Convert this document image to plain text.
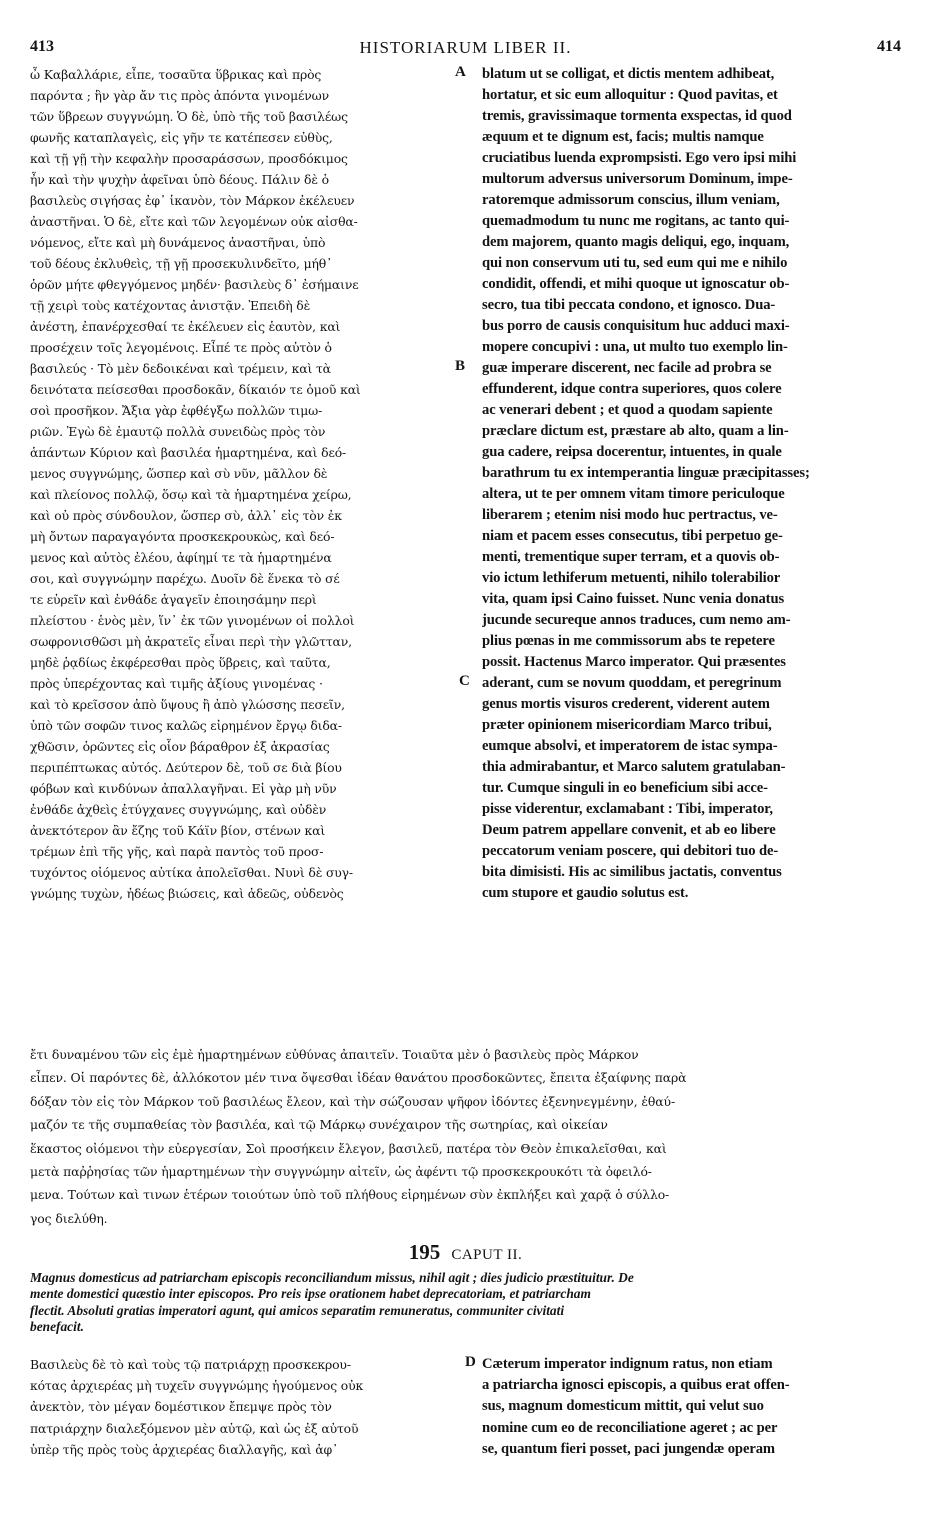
413	HISTORIARUM LIBER II.	414
ὦ Καβαλλάριε, εἶπε, τοσαῦτα ὕβρικας καὶ πρὸς
παρόντα ; ἣν γὰρ ἄν τις πρὸς ἀπόντα γινομένων
τῶν ὕβρεων συγγνώμη. Ὁ δὲ, ὑπὸ τῆς τοῦ βασιλέως
φωνῆς καταπλαγεὶς, εἰς γῆν τε κατέπεσεν εὐθὺς,
καὶ τῇ γῇ τὴν κεφαλὴν προσαράσσων, προσδόκιμος
ἦν καὶ τὴν ψυχὴν ἀφεῖναι ὑπὸ δέους. Πάλιν δὲ ὁ
βασιλεὺς σιγήσας ἐφ᾽ ἱκανὸν, τὸν Μάρκον ἐκέλευεν
ἀναστῆναι. Ὁ δὲ, εἴτε καὶ τῶν λεγομένων οὐκ αἰσθα-
νόμενος, εἴτε καὶ μὴ δυνάμενος ἀναστῆναι, ὑπὸ
τοῦ δέους ἐκλυθεὶς, τῇ γῇ προσεκυλινδεῖτο, μήθ᾽
ὁρῶν μήτε φθεγγόμενος μηδέν· βασιλεὺς δ᾽ ἐσήμαινε
τῇ χειρὶ τοὺς κατέχοντας ἀνιστᾷν. Ἐπειδὴ δὲ
ἀνέστη, ἐπανέρχεσθαί τε ἐκέλευεν εἰς ἑαυτὸν, καὶ
προσέχειν τοῖς λεγομένοις. Εἶπέ τε πρὸς αὐτὸν ὁ
βασιλεύς · Τὸ μὲν δεδοικέναι καὶ τρέμειν, καὶ τὰ
δεινότατα πείσεσθαι προσδοκᾶν, δίκαιόν τε ὁμοῦ καὶ
σοὶ προσῆκον. Ἄξια γὰρ ἐφθέγξω πολλῶν τιμω-
ριῶν. Ἐγὼ δὲ ἐμαυτῷ πολλὰ συνειδὼς πρὸς τὸν
ἁπάντων Κύριον καὶ βασιλέα ἡμαρτημένα, καὶ δεό-
μενος συγγνώμης, ὥσπερ καὶ σὺ νῦν, μᾶλλον δὲ
καὶ πλείονος πολλῷ, ὅσῳ καὶ τὰ ἡμαρτημένα χείρω,
καὶ οὐ πρὸς σύνδουλον, ὥσπερ σὺ, ἀλλ᾽ εἰς τὸν ἐκ
μὴ ὄντων παραγαγόντα προσκεκρουκὼς, καὶ δεό-
μενος καὶ αὐτὸς ἐλέου, ἀφίημί τε τὰ ἡμαρτημένα
σοι, καὶ συγγνώμην παρέχω. Δυοῖν δὲ ἕνεκα τὸ σέ
τε εὑρεῖν καὶ ἐνθάδε ἀγαγεῖν ἐποιησάμην περὶ
πλείστου · ἑνὸς μὲν, ἵν᾽ ἐκ τῶν γινομένων οἱ πολλοὶ
σωφρονισθῶσι μὴ ἀκρατεῖς εἶναι περὶ τὴν γλῶτταν,
μηδὲ ῥᾳδίως ἐκφέρεσθαι πρὸς ὕβρεις, καὶ ταῦτα,
πρὸς ὑπερέχοντας καὶ τιμῆς ἀξίους γινομένας ·
καὶ τὸ κρεῖσσον ἀπὸ ὕψους ἢ ἀπὸ γλώσσης πεσεῖν,
ὑπὸ τῶν σοφῶν τινος καλῶς εἰρημένον ἔργῳ διδα-
χθῶσιν, ὁρῶντες εἰς οἷον βάραθρον ἐξ ἀκρασίας
περιπέπτωκας αὐτός. Δεύτερον δὲ, τοῦ σε διὰ βίου
φόβων καὶ κινδύνων ἀπαλλαγῆναι. Εἰ γὰρ μὴ νῦν
ἐνθάδε ἀχθεὶς ἐτύγχανες συγγνώμης, καὶ οὐδὲν
ἀνεκτότερον ἂν ἔζης τοῦ Κάϊν βίον, στένων καὶ
τρέμων ἐπὶ τῆς γῆς, καὶ παρὰ παντὸς τοῦ προσ-
τυχόντος οἰόμενος αὐτίκα ἀπολεῖσθαι. Νυνὶ δὲ συγ-
γνώμης τυχὼν, ἡδέως βιώσεις, καὶ ἀδεῶς, οὐδενὸς
blatum ut se colligat, et dictis mentem adhibeat,
hortatur, et sic eum alloquitur : Quod pavitas, et
tremis, gravissimaque tormenta exspectas, id quod
æquum et te dignum est, facis; multis namque
cruciatibus luenda exprompsisti. Ego vero ipsi mihi
multorum adversus universorum Dominum, impe-
ratoremque admissorum conscius, illum veniam,
quemadmodum tu nunc me rogitans, ac tanto qui-
dem majorem, quanto magis deliqui, ego, inquam,
qui non conservum uti tu, sed eum qui me e nihilo
condidit, offendi, et mihi quoque ut ignoscatur ob-
secro, tua tibi peccata condono, et ignosco. Dua-
bus porro de causis conquisitum huc adduci maxi-
mopere concupivi : una, ut multo tuo exemplo lin-
guæ imperare discerent, nec facile ad probra se
effunderent, idque contra superiores, quos colere
ac venerari debent ; et quod a quodam sapiente
præclare dictum est, præstare ab alto, quam a lin-
gua cadere, reipsa docerentur, intuentes, in quale
barathrum tu ex intemperantia linguæ præcipitasses;
altera, ut te per omnem vitam timore periculoque
liberarem ; etenim nisi modo huc pertractus, ve-
niam et pacem esses consecutus, tibi perpetuo ge-
menti, trementique super terram, et a quovis ob-
vio ictum lethiferum metuenti, nihilo tolerabilior
vita, quam ipsi Caino fuisset. Nunc venia donatus
jucunde secureque annos traduces, cum nemo am-
plius pœnas in me commissorum abs te repetere
possit. Hactenus Marco imperator. Qui præsentes
aderant, cum se novum quoddam, et peregrinum
genus mortis visuros crederent, viderent autem
præter opinionem misericordiam Marco tribui,
eumque absolvi, et imperatorem de istac sympa-
thia admirabantur, et Marco salutem gratulaban-
tur. Cumque singuli in eo beneficium sibi acce-
pisse viderentur, exclamabant : Tibi, imperator,
Deum patrem appellare convenit, et ab eo libere
peccatorum veniam poscere, qui debitori tuo de-
bita dimisisti. His ac similibus jactatis, conventus
cum stupore et gaudio solutus est.
A
B
C
D
ἔτι δυναμένου τῶν εἰς ἐμὲ ἡμαρτημένων εὐθύνας ἀπαιτεῖν. Τοιαῦτα μὲν ὁ βασιλεὺς πρὸς Μάρκον
εἶπεν. Οἱ παρόντες δὲ, ἀλλόκοτον μέν τινα ὄψεσθαι ἰδέαν θανάτου προσδοκῶντες, ἔπειτα ἐξαίφνης παρὰ
δόξαν τὸν εἰς τὸν Μάρκον τοῦ βασιλέως ἔλεον, καὶ τὴν σώζουσαν ψῆφον ἰδόντες ἐξενηνεγμένην, ἐθαύ-
μαζόν τε τῆς συμπαθείας τὸν βασιλέα, καὶ τῷ Μάρκῳ συνέχαιρον τῆς σωτηρίας, καὶ οἰκείαν
ἕκαστος οἰόμενοι τὴν εὐεργεσίαν, Σοὶ προσήκειν ἔλεγον, βασιλεῦ, πατέρα τὸν Θεὸν ἐπικαλεῖσθαι, καὶ
μετὰ παῤῥησίας τῶν ἡμαρτημένων τὴν συγγνώμην αἰτεῖν, ὡς ἀφέντι τῷ προσκεκρουκότι τὰ ὀφειλό-
μενα. Τούτων καὶ τινων ἑτέρων τοιούτων ὑπὸ τοῦ πλήθους εἰρημένων σὺν ἐκπλήξει καὶ χαρᾷ ὁ σύλλο-
γος διελύθη.
195 CAPUT II.
Magnus domesticus ad patriarcham episcopis reconciliandum missus, nihil agit ; dies judicio præstituitur. De
mente domestici quæstio inter episcopos. Pro reis ipse orationem habet deprecatoriam, et patriarcham
flectit. Absoluti gratias imperatori agunt, qui amicos separatim remuneratus, communiter civitati
benefacit.
Βασιλεὺς δὲ τὸ καὶ τοὺς τῷ πατριάρχῃ προσκεκρου-
κότας ἀρχιερέας μὴ τυχεῖν συγγνώμης ἡγούμενος οὐκ
ἀνεκτὸν, τὸν μέγαν δομέστικον ἔπεμψε πρὸς τὸν
πατριάρχην διαλεξόμενον μὲν αὐτῷ, καὶ ὡς ἐξ αὐτοῦ
ὑπὲρ τῆς πρὸς τοὺς ἀρχιερέας διαλλαγῆς, καὶ ἀφ᾽
Cæterum imperator indignum ratus, non etiam
a patriarcha ignosci episcopis, a quibus erat offen-
sus, magnum domesticum mittit, qui velut suo
nomine cum eo de reconciliatione ageret ; ac per
se, quantum fieri posset, paci jungendæ operam
